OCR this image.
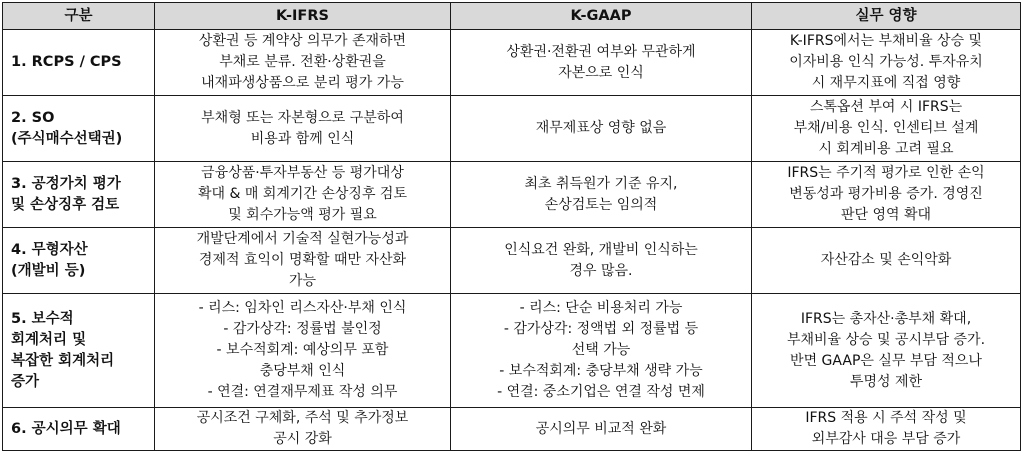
구분	K-IFRS	K-GAAP	실무 영향

1. RCPS / CPS	상환권 등 계약상 의무가 존재하면
부채로 분류. 전환·상환권을
내재파생상품으로 분리 평가 가능	상환권·전환권 여부와 무관하게
자본으로 인식	K-IFRS에서는 부채비율 상승 및
이자비용 인식 가능성. 투자유치
시 재무지표에 직접 영향

2. SO
(주식매수선택권)	부채형 또는 자본형으로 구분하여
비용과 함께 인식	재무제표상 영향 없음	스톡옵션 부여 시 IFRS는
부채/비용 인식. 인센티브 설계
시 회계비용 고려 필요

3. 공정가치 평가
및 손상징후 검토	금융상품·투자부동산 등 평가대상
확대 & 매 회계기간 손상징후 검토
및 회수가능액 평가 필요	최초 취득원가 기준 유지,
손상검토는 임의적	IFRS는 주기적 평가로 인한 손익
변동성과 평가비용 증가. 경영진
판단 영역 확대

4. 무형자산
(개발비 등)	개발단계에서 기술적 실현가능성과
경제적 효익이 명확할 때만 자산화
가능	인식요건 완화, 개발비 인식하는
경우 많음.	자산감소 및 손익악화

5. 보수적
회계처리 및
복잡한 회계처리
증가	- 리스: 임차인 리스자산·부채 인식
- 감가상각: 정률법 불인정
- 보수적회계: 예상의무 포함
충당부채 인식
- 연결: 연결재무제표 작성 의무	- 리스: 단순 비용처리 가능
- 감가상각: 정액법 외 정률법 등
선택 가능
- 보수적회계: 충당부채 생략 가능
- 연결: 중소기업은 연결 작성 면제	IFRS는 총자산·총부채 확대,
부채비율 상승 및 공시부담 증가.
반면 GAAP은 실무 부담 적으나
투명성 제한

6. 공시의무 확대	공시조건 구체화, 주석 및 추가정보
공시 강화	공시의무 비교적 완화	IFRS 적용 시 주석 작성 및
외부감사 대응 부담 증가
